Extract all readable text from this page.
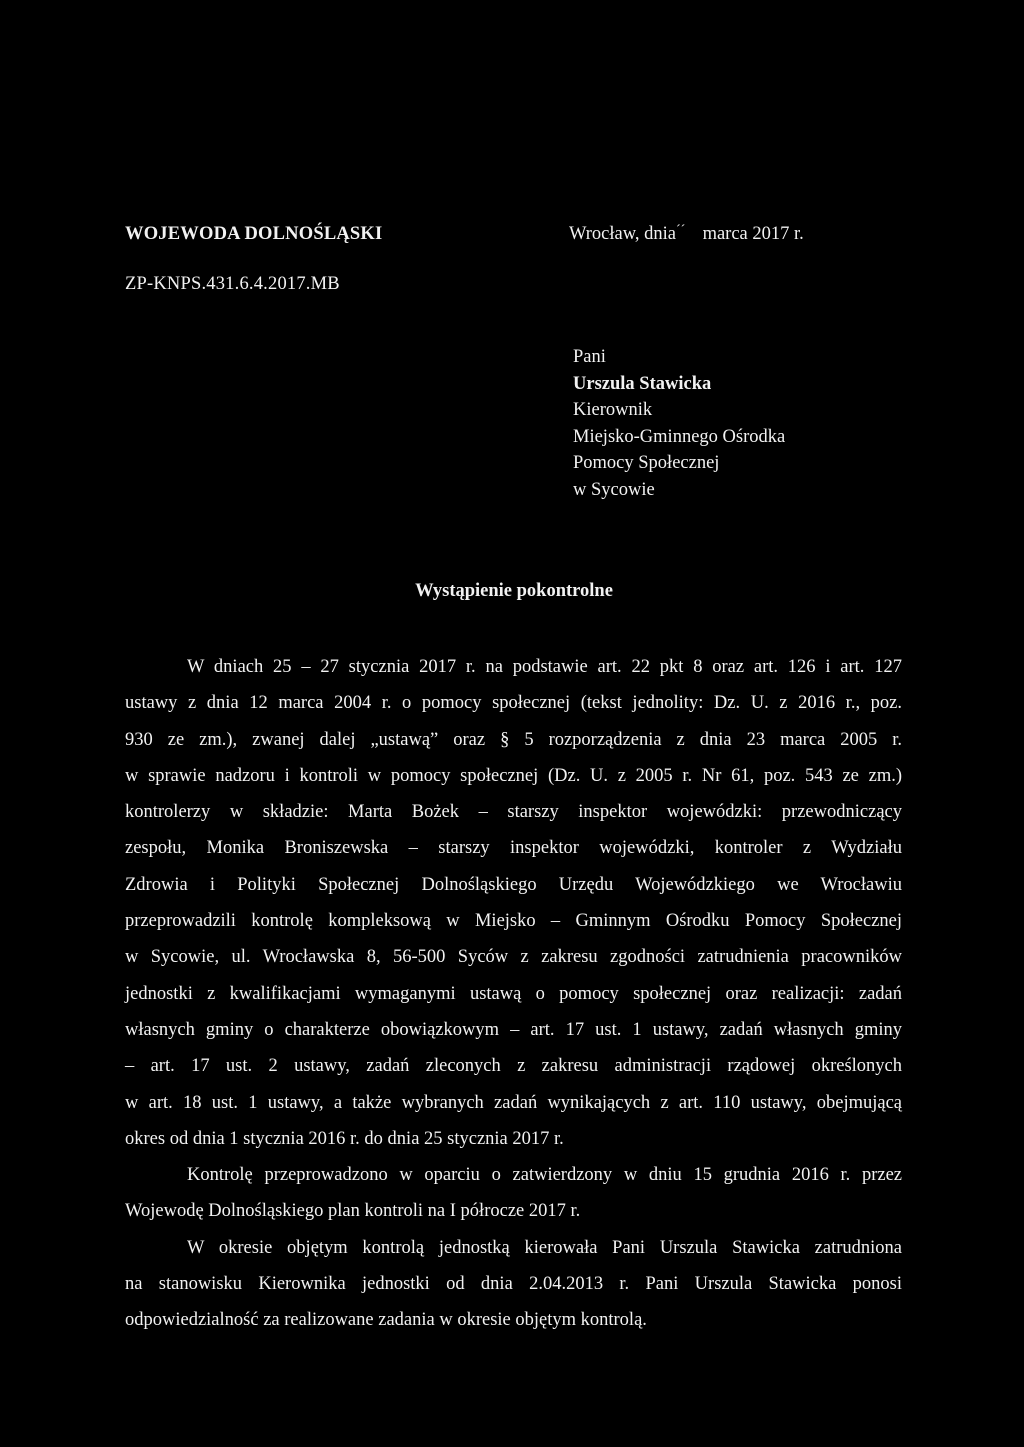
WOJEWODA DOLNOŚLĄSKI	Wrocław, dnia´´ marca 2017 r.
ZP-KNPS.431.6.4.2017.MB
Pani
Urszula Stawicka
Kierownik
Miejsko-Gminnego Ośrodka
Pomocy Społecznej
w Sycowie
Wystąpienie pokontrolne
W dniach 25 – 27 stycznia 2017 r. na podstawie art. 22 pkt 8 oraz art. 126 i art. 127
ustawy z dnia 12 marca 2004 r. o pomocy społecznej (tekst jednolity: Dz. U. z 2016 r., poz.
930 ze zm.), zwanej dalej „ustawą” oraz § 5 rozporządzenia z dnia 23 marca 2005 r.
w sprawie nadzoru i kontroli w pomocy społecznej (Dz. U. z 2005 r. Nr 61, poz. 543 ze zm.)
kontrolerzy w składzie: Marta Bożek – starszy inspektor wojewódzki: przewodniczący
zespołu, Monika Broniszewska – starszy inspektor wojewódzki, kontroler z Wydziału
Zdrowia i Polityki Społecznej Dolnośląskiego Urzędu Wojewódzkiego we Wrocławiu
przeprowadzili kontrolę kompleksową w Miejsko – Gminnym Ośrodku Pomocy Społecznej
w Sycowie, ul. Wrocławska 8, 56-500 Syców z zakresu zgodności zatrudnienia pracowników
jednostki z kwalifikacjami wymaganymi ustawą o pomocy społecznej oraz realizacji: zadań
własnych gminy o charakterze obowiązkowym – art. 17 ust. 1 ustawy, zadań własnych gminy
– art. 17 ust. 2 ustawy, zadań zleconych z zakresu administracji rządowej określonych
w art. 18 ust. 1 ustawy, a także wybranych zadań wynikających z art. 110 ustawy, obejmującą
okres od dnia 1 stycznia 2016 r. do dnia 25 stycznia 2017 r.
Kontrolę przeprowadzono w oparciu o zatwierdzony w dniu 15 grudnia 2016 r. przez
Wojewodę Dolnośląskiego plan kontroli na I półrocze 2017 r.
W okresie objętym kontrolą jednostką kierowała Pani Urszula Stawicka zatrudniona
na stanowisku Kierownika jednostki od dnia 2.04.2013 r. Pani Urszula Stawicka ponosi
odpowiedzialność za realizowane zadania w okresie objętym kontrolą.
